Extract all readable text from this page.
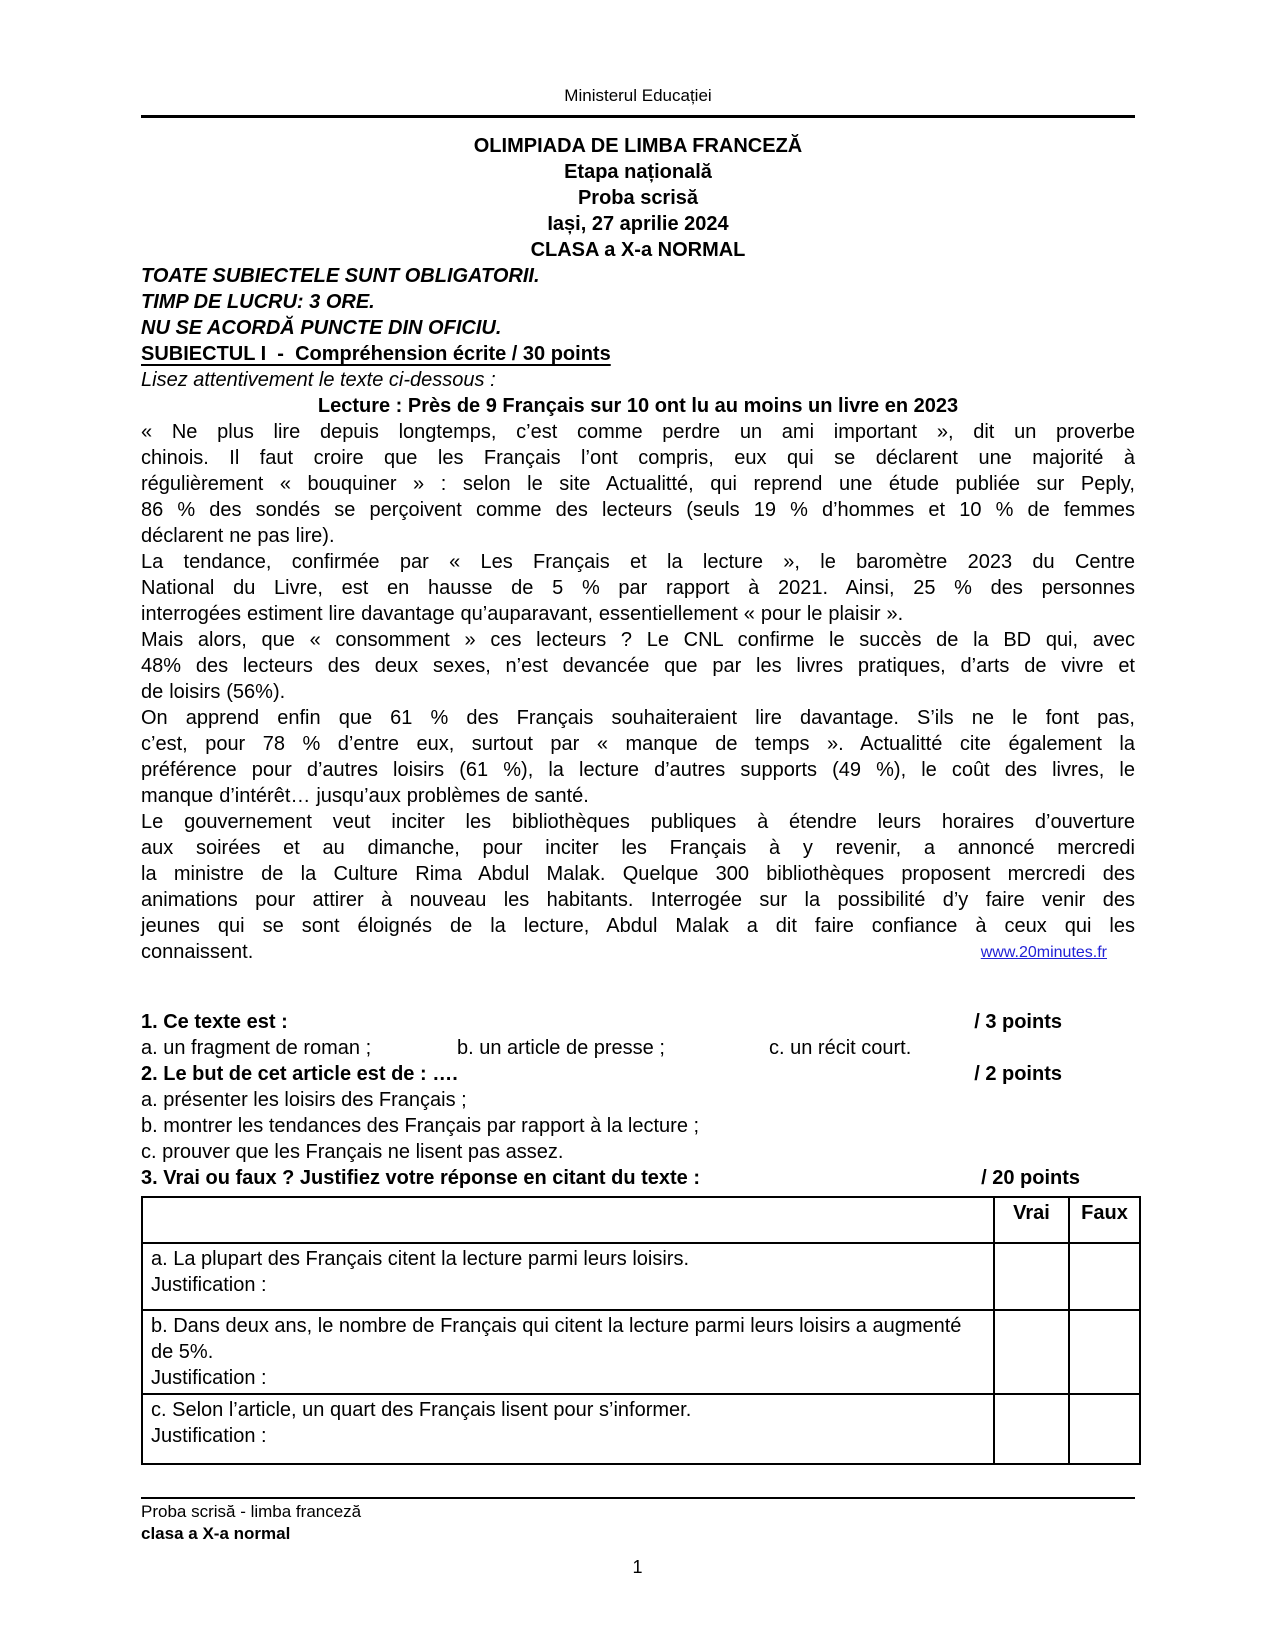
Ministerul Educației
OLIMPIADA DE LIMBA FRANCEZĂ
Etapa națională
Proba scrisă
Iași, 27 aprilie 2024
CLASA a X-a NORMAL
TOATE SUBIECTELE SUNT OBLIGATORII.
TIMP DE LUCRU: 3 ORE.
NU SE ACORDĂ PUNCTE DIN OFICIU.
SUBIECTUL I  -  Compréhension écrite / 30 points
Lisez attentivement le texte ci-dessous :
Lecture : Près de 9 Français sur 10 ont lu au moins un livre en 2023
« Ne plus lire depuis longtemps, c’est comme perdre un ami important », dit un proverbe
chinois. Il faut croire que les Français l’ont compris, eux qui se déclarent une majorité à
régulièrement « bouquiner » : selon le site Actualitté, qui reprend une étude publiée sur Peply,
86 % des sondés se perçoivent comme des lecteurs (seuls 19 % d’hommes et 10 % de femmes
déclarent ne pas lire).
La tendance, confirmée par « Les Français et la lecture », le baromètre 2023 du Centre
National du Livre, est en hausse de 5 % par rapport à 2021. Ainsi, 25 % des personnes
interrogées estiment lire davantage qu’auparavant, essentiellement « pour le plaisir ».
Mais alors, que « consomment » ces lecteurs ? Le CNL confirme le succès de la BD qui, avec
48% des lecteurs des deux sexes, n’est devancée que par les livres pratiques, d’arts de vivre et
de loisirs (56%).
On apprend enfin que 61 % des Français souhaiteraient lire davantage. S’ils ne le font pas,
c’est, pour 78 % d’entre eux, surtout par « manque de temps ». Actualitté cite également la
préférence pour d’autres loisirs (61 %), la lecture d’autres supports (49 %), le coût des livres, le
manque d’intérêt… jusqu’aux problèmes de santé.
Le gouvernement veut inciter les bibliothèques publiques à étendre leurs horaires d’ouverture
aux soirées et au dimanche, pour inciter les Français à y revenir, a annoncé mercredi
la ministre de la Culture Rima Abdul Malak. Quelque 300 bibliothèques proposent mercredi des
animations pour attirer à nouveau les habitants. Interrogée sur la possibilité d’y faire venir des
jeunes qui se sont éloignés de la lecture, Abdul Malak a dit faire confiance à ceux qui les
connaissent.	www.20minutes.fr
1. Ce texte est :	/ 3 points
a. un fragment de roman ;	b. un article de presse ;	c. un récit court.
2. Le but de cet article est de : ….	/ 2 points
a. présenter les loisirs des Français ;
b. montrer les tendances des Français par rapport à la lecture ;
c. prouver que les Français ne lisent pas assez.
3. Vrai ou faux ? Justifiez votre réponse en citant du texte :	/ 20 points
	Vrai	Faux

a. La plupart des Français citent la lecture parmi leurs loisirs.
Justification :		

b. Dans deux ans, le nombre de Français qui citent la lecture parmi leurs loisirs a augmenté de 5%.
Justification :		

c. Selon l’article, un quart des Français lisent pour s’informer.
Justification :		

Proba scrisă - limba franceză
clasa a X-a normal
1
